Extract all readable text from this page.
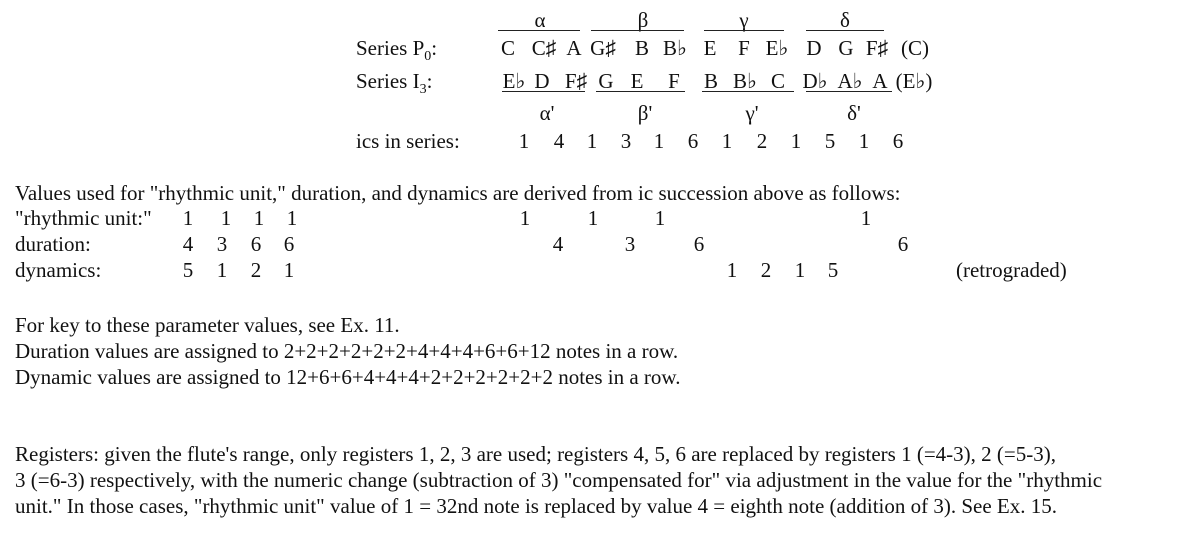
α	β	γ	δ
Series $P_0$:	C C♯ A G♯ B B♭ E F E♭ D G F♯ (C)
Series $I_3$:	E♭ D F♯ G E F B B♭ C D♭ A♭ A (E♭)
α'	β'	γ'	δ'
ics in series:	1 4 1 3 1 6 1 2 1 5 1 6
Values used for "rhythmic unit," duration, and dynamics are derived from ic succession above as follows:
"rhythmic unit:" 1 1 1 1	1	1	1	1
duration:	4 3 6 6	4	3	6	6
dynamics:	5 1 2 1	1 2 1 5	(retrograded)
For key to these parameter values, see Ex. 11.
Duration values are assigned to 2+2+2+2+2+2+4+4+4+6+6+12 notes in a row.
Dynamic values are assigned to 12+6+6+4+4+4+2+2+2+2+2+2 notes in a row.
Registers: given the flute's range, only registers 1, 2, 3 are used; registers 4, 5, 6 are replaced by registers 1 (=4-3), 2 (=5-3),
3 (=6-3) respectively, with the numeric change (subtraction of 3) "compensated for" via adjustment in the value for the "rhythmic
unit." In those cases, "rhythmic unit" value of 1 = 32nd note is replaced by value 4 = eighth note (addition of 3). See Ex. 15.
